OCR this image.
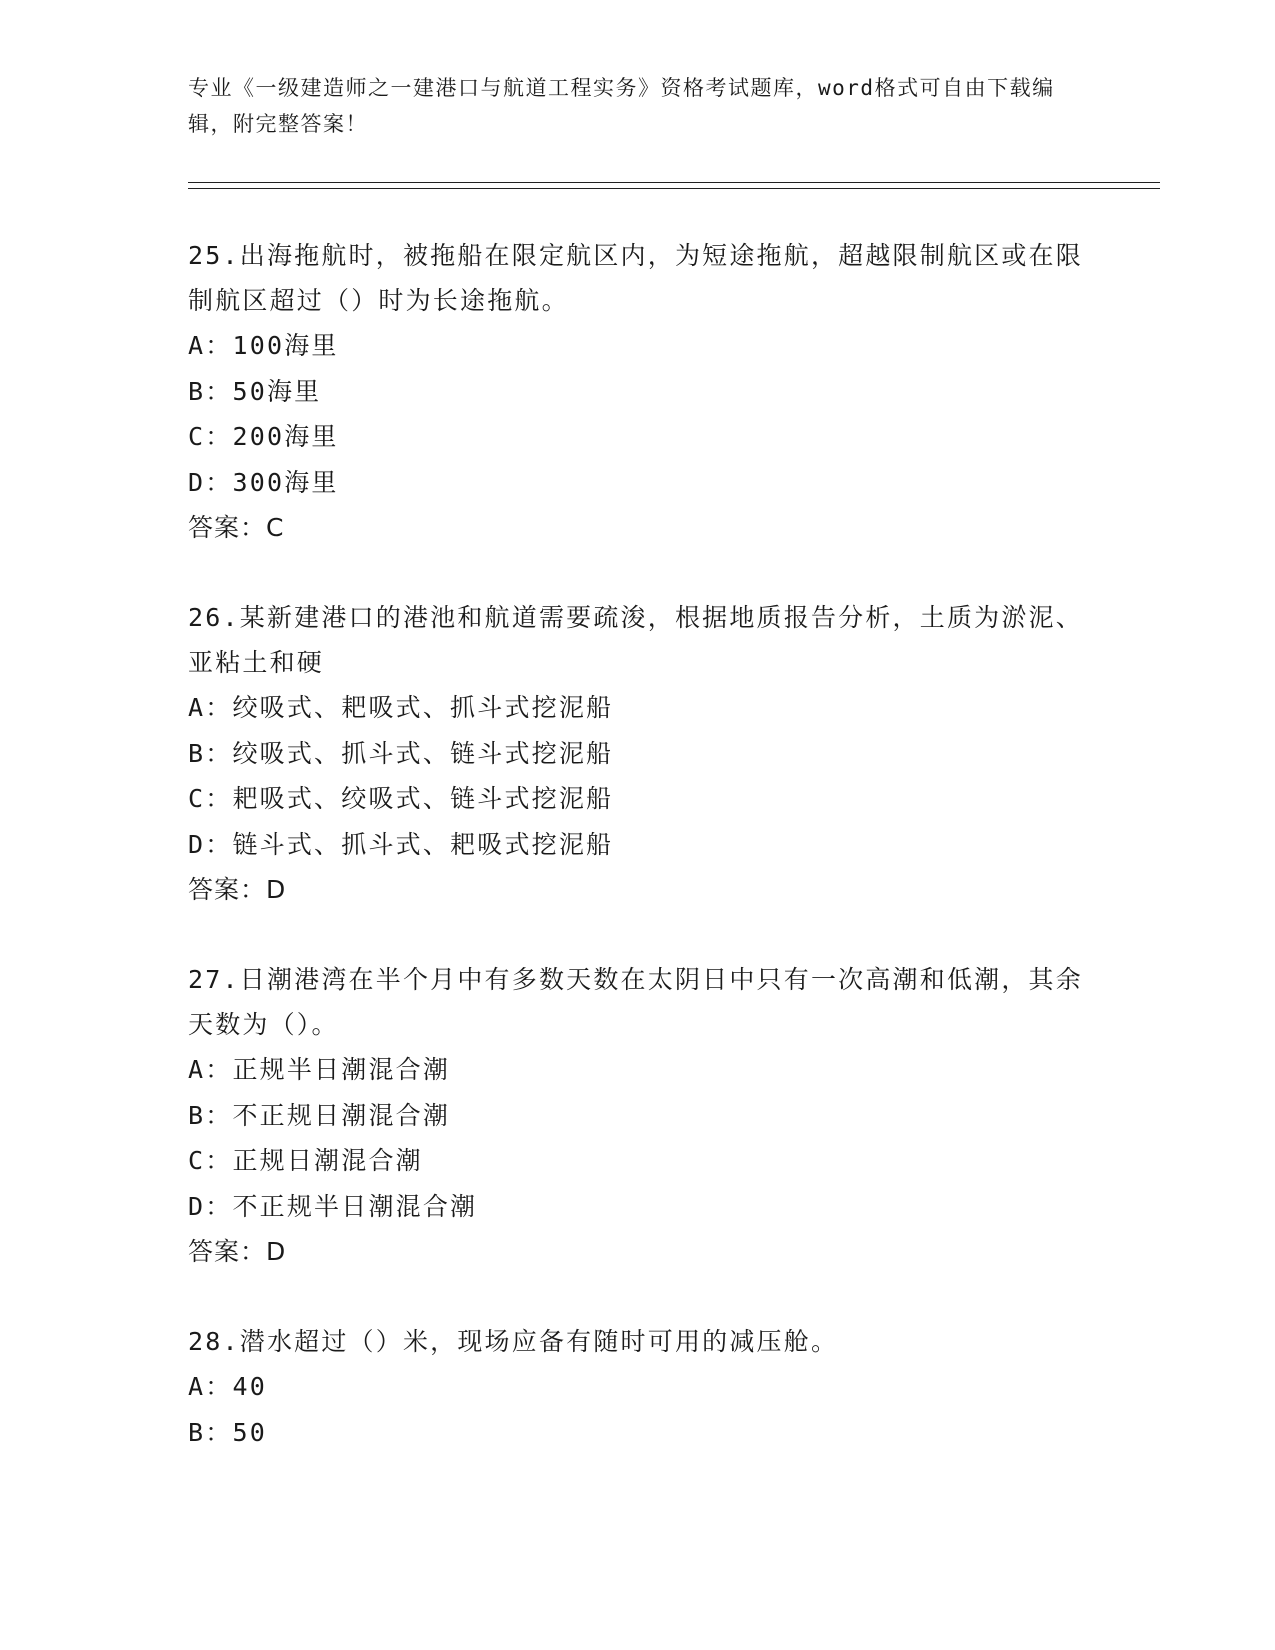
专业《一级建造师之一建港口与航道工程实务》资格考试题库，word格式可自由下载编辑，附完整答案！
25.出海拖航时，被拖船在限定航区内，为短途拖航，超越限制航区或在限制航区超过（）时为长途拖航。
A：100海里
B：50海里
C：200海里
D：300海里
答案：C
26.某新建港口的港池和航道需要疏浚，根据地质报告分析，土质为淤泥、亚粘土和硬
A：绞吸式、耙吸式、抓斗式挖泥船
B：绞吸式、抓斗式、链斗式挖泥船
C：耙吸式、绞吸式、链斗式挖泥船
D：链斗式、抓斗式、耙吸式挖泥船
答案：D
27.日潮港湾在半个月中有多数天数在太阴日中只有一次高潮和低潮，其余天数为（）。
A：正规半日潮混合潮
B：不正规日潮混合潮
C：正规日潮混合潮
D：不正规半日潮混合潮
答案：D
28.潜水超过（）米，现场应备有随时可用的减压舱。
A：40
B：50
